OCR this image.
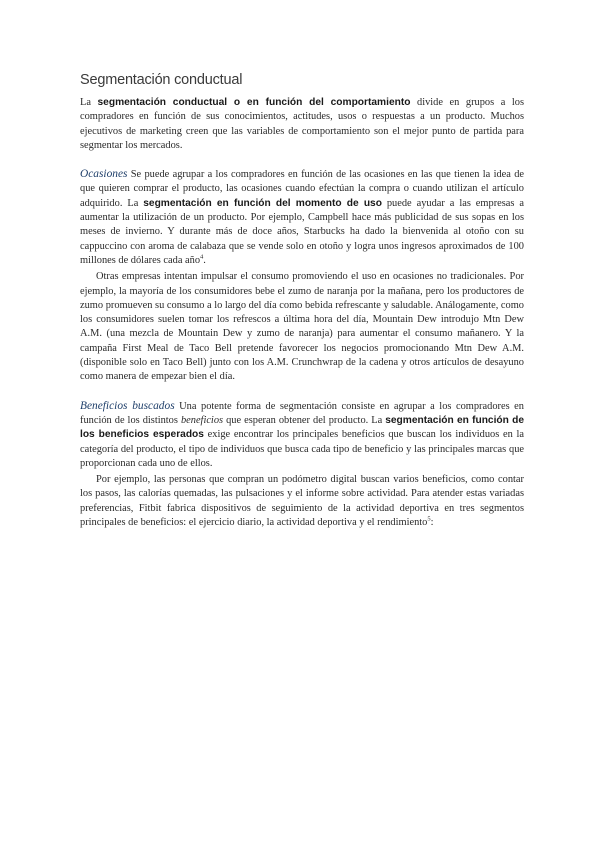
Segmentación conductual

La segmentación conductual o en función del comportamiento divide en grupos a los compradores en función de sus conocimientos, actitudes, usos o respuestas a un producto. Muchos ejecutivos de marketing creen que las variables de comportamiento son el mejor punto de partida para segmentar los mercados.

Ocasiones Se puede agrupar a los compradores en función de las ocasiones en las que tienen la idea de que quieren comprar el producto, las ocasiones cuando efectúan la compra o cuando utilizan el artículo adquirido. La segmentación en función del momento de uso puede ayudar a las empresas a aumentar la utilización de un producto. Por ejemplo, Campbell hace más publicidad de sus sopas en los meses de invierno. Y durante más de doce años, Starbucks ha dado la bienvenida al otoño con su cappuccino con aroma de calabaza que se vende solo en otoño y logra unos ingresos aproximados de 100 millones de dólares cada año$^4$.

Otras empresas intentan impulsar el consumo promoviendo el uso en ocasiones no tradicionales. Por ejemplo, la mayoría de los consumidores bebe el zumo de naranja por la mañana, pero los productores de zumo promueven su consumo a lo largo del día como bebida refrescante y saludable. Análogamente, como los consumidores suelen tomar los refrescos a última hora del día, Mountain Dew introdujo Mtn Dew A.M. (una mezcla de Mountain Dew y zumo de naranja) para aumentar el consumo mañanero. Y la campaña First Meal de Taco Bell pretende favorecer los negocios promocionando Mtn Dew A.M. (disponible solo en Taco Bell) junto con los A.M. Crunchwrap de la cadena y otros artículos de desayuno como manera de empezar bien el día.

Beneficios buscados Una potente forma de segmentación consiste en agrupar a los compradores en función de los distintos beneficios que esperan obtener del producto. La segmentación en función de los beneficios esperados exige encontrar los principales beneficios que buscan los individuos en la categoría del producto, el tipo de individuos que busca cada tipo de beneficio y las principales marcas que proporcionan cada uno de ellos.

Por ejemplo, las personas que compran un podómetro digital buscan varios beneficios, como contar los pasos, las calorías quemadas, las pulsaciones y el informe sobre actividad. Para atender estas variadas preferencias, Fitbit fabrica dispositivos de seguimiento de la actividad deportiva en tres segmentos principales de beneficios: el ejercicio diario, la actividad deportiva y el rendimiento$^5$:
